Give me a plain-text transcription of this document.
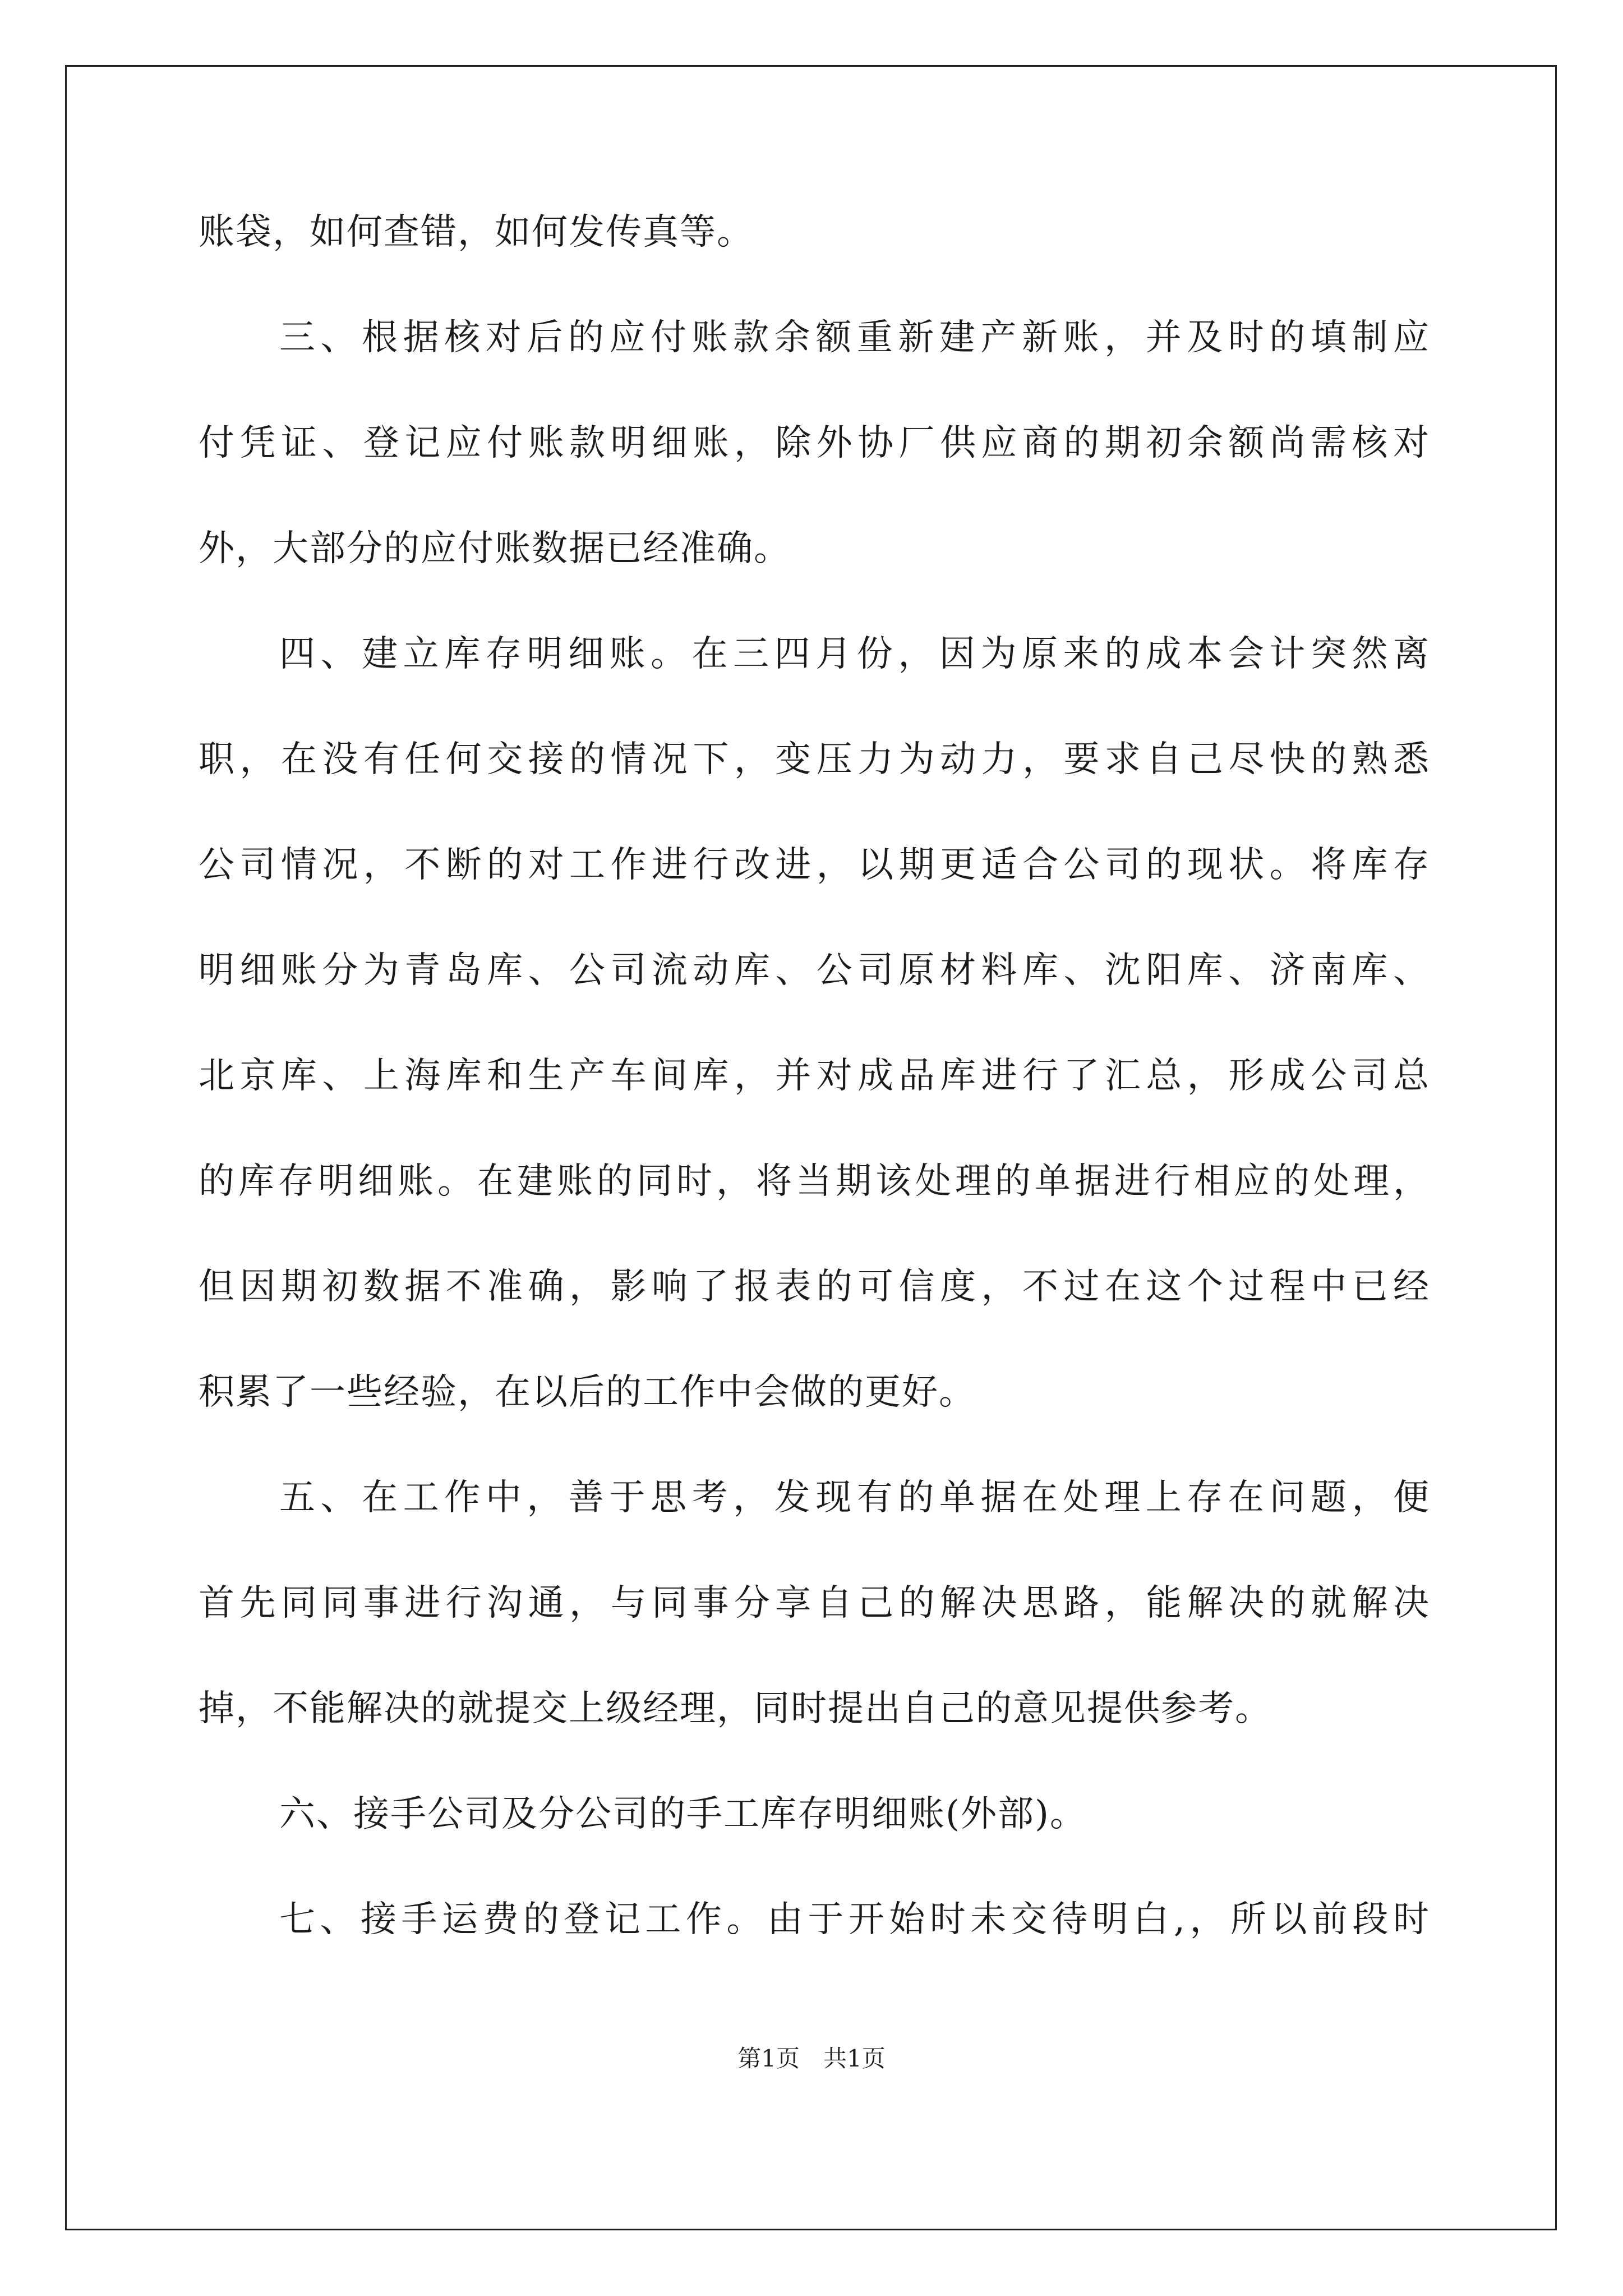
账袋，如何查错，如何发传真等。
三、根据核对后的应付账款余额重新建产新账，并及时的填制应
付凭证、登记应付账款明细账，除外协厂供应商的期初余额尚需核对
外，大部分的应付账数据已经准确。
四、建立库存明细账。在三四月份，因为原来的成本会计突然离
职，在没有任何交接的情况下，变压力为动力，要求自己尽快的熟悉
公司情况，不断的对工作进行改进，以期更适合公司的现状。将库存
明细账分为青岛库、公司流动库、公司原材料库、沈阳库、济南库、
北京库、上海库和生产车间库，并对成品库进行了汇总，形成公司总
的库存明细账。在建账的同时，将当期该处理的单据进行相应的处理，
但因期初数据不准确，影响了报表的可信度，不过在这个过程中已经
积累了一些经验，在以后的工作中会做的更好。
五、在工作中，善于思考，发现有的单据在处理上存在问题，便
首先同同事进行沟通，与同事分享自己的解决思路，能解决的就解决
掉，不能解决的就提交上级经理，同时提出自己的意见提供参考。
六、接手公司及分公司的手工库存明细账(外部)。
七、接手运费的登记工作。由于开始时未交待明白,，所以前段时
第1页　共1页
